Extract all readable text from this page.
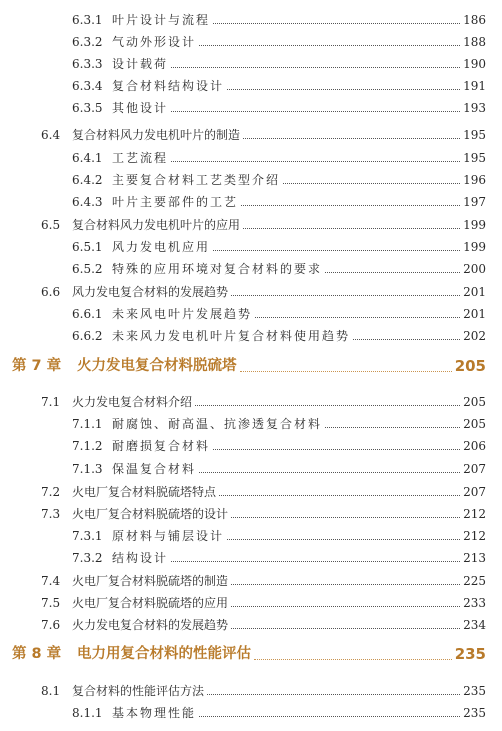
6.3.1 叶片设计与流程	186
6.3.2 气动外形设计	188
6.3.3 设计载荷	190
6.3.4 复合材料结构设计	191
6.3.5 其他设计	193
6.4 复合材料风力发电机叶片的制造	195
6.4.1 工艺流程	195
6.4.2 主要复合材料工艺类型介绍	196
6.4.3 叶片主要部件的工艺	197
6.5 复合材料风力发电机叶片的应用	199
6.5.1 风力发电机应用	199
6.5.2 特殊的应用环境对复合材料的要求	200
6.6 风力发电复合材料的发展趋势	201
6.6.1 未来风电叶片发展趋势	201
6.6.2 未来风力发电机叶片复合材料使用趋势	202
第 7 章 火力发电复合材料脱硫塔	205
7.1 火力发电复合材料介绍	205
7.1.1 耐腐蚀、耐高温、抗渗透复合材料	205
7.1.2 耐磨损复合材料	206
7.1.3 保温复合材料	207
7.2 火电厂复合材料脱硫塔特点	207
7.3 火电厂复合材料脱硫塔的设计	212
7.3.1 原材料与铺层设计	212
7.3.2 结构设计	213
7.4 火电厂复合材料脱硫塔的制造	225
7.5 火电厂复合材料脱硫塔的应用	233
7.6 火力发电复合材料的发展趋势	234
第 8 章 电力用复合材料的性能评估	235
8.1 复合材料的性能评估方法	235
8.1.1 基本物理性能	235
